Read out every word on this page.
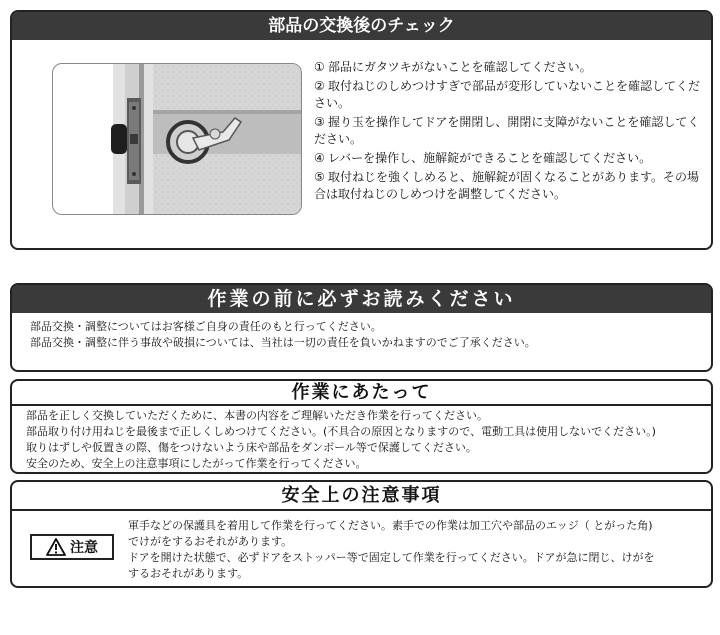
部品の交換後のチェック
① 部品にガタツキがないことを確認してください。
② 取付ねじのしめつけすぎで部品が変形していないことを確認してください。
③ 握り玉を操作してドアを開閉し、開閉に支障がないことを確認してください。
④ レバーを操作し、施解錠ができることを確認してください。
⑤ 取付ねじを強くしめると、施解錠が固くなることがあります。その場合は取付ねじのしめつけを調整してください。
作業の前に必ずお読みください
部品交換・調整についてはお客様ご自身の責任のもと行ってください。
部品交換・調整に伴う事故や破損については、当社は一切の責任を負いかねますのでご了承ください。
作業にあたって
部品を正しく交換していただくために、本書の内容をご理解いただき作業を行ってください。
部品取り付け用ねじを最後まで正しくしめつけてください。(不具合の原因となりますので、電動工具は使用しないでください。)
取りはずしや仮置きの際、傷をつけないよう床や部品をダンボール等で保護してください。
安全のため、安全上の注意事項にしたがって作業を行ってください。
安全上の注意事項
注意
軍手などの保護具を着用して作業を行ってください。素手での作業は加工穴や部品のエッジ（ とがった角)
でけがをするおそれがあります。
ドアを開けた状態で、必ずドアをストッパー等で固定して作業を行ってください。ドアが急に閉じ、けがを
するおそれがあります。
